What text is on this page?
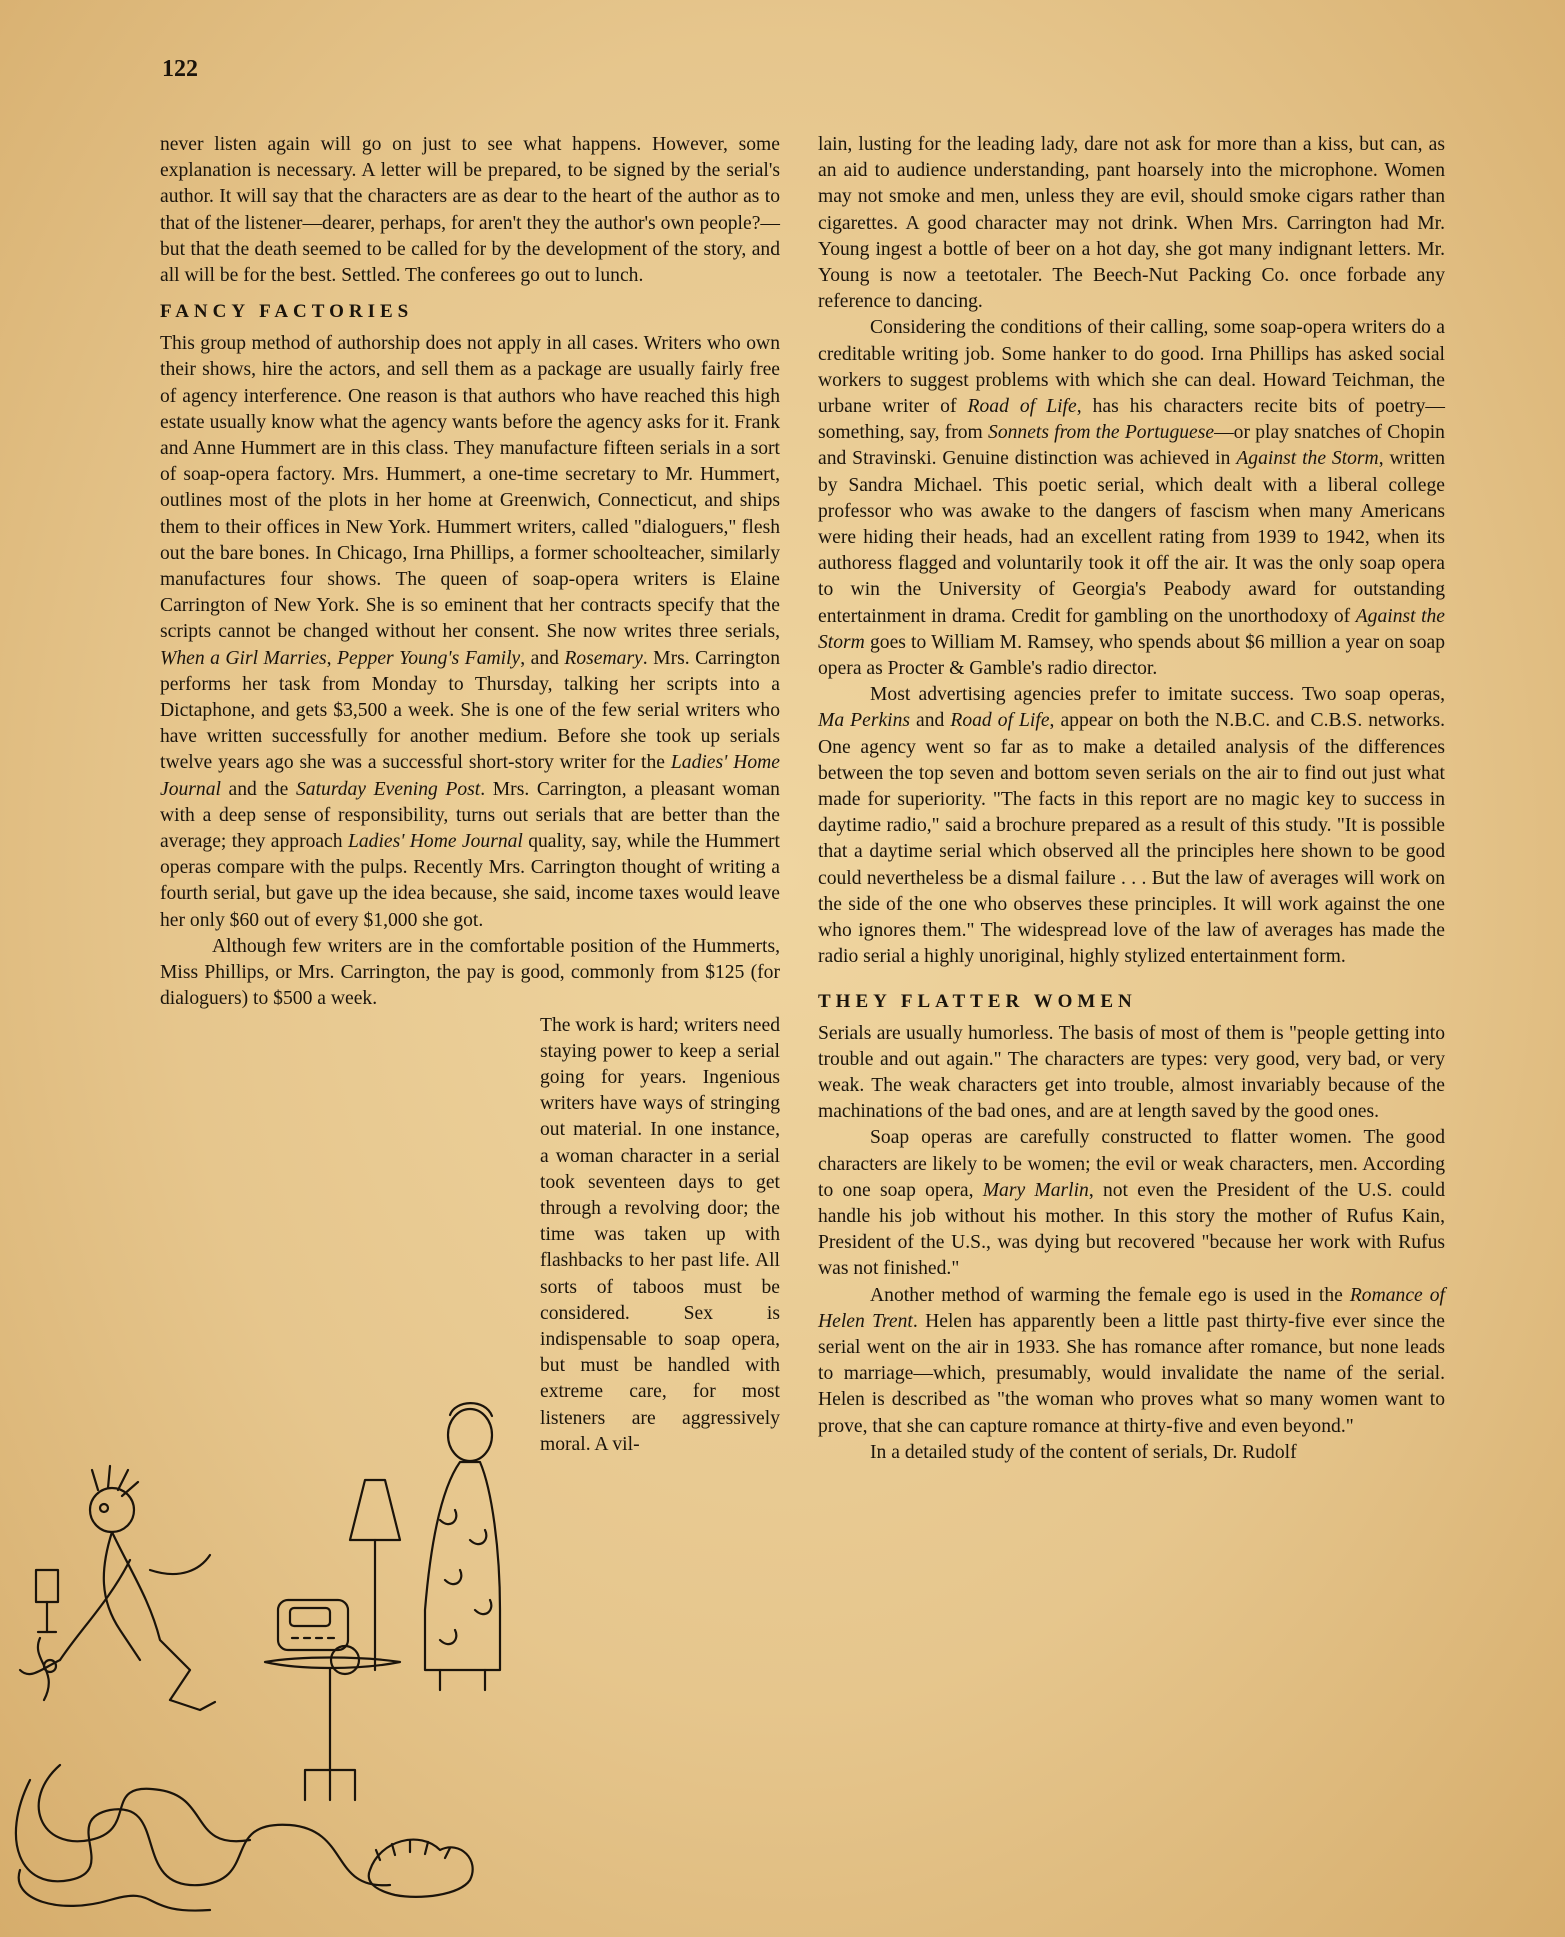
122

never listen again will go on just to see what happens. However, some explanation is necessary. A letter will be prepared, to be signed by the serial's author. It will say that the characters are as dear to the heart of the author as to that of the listener—dearer, perhaps, for aren't they the author's own people?—but that the death seemed to be called for by the development of the story, and all will be for the best. Settled. The conferees go out to lunch.

FANCY FACTORIES

This group method of authorship does not apply in all cases. Writers who own their shows, hire the actors, and sell them as a package are usually fairly free of agency interference. One reason is that authors who have reached this high estate usually know what the agency wants before the agency asks for it. Frank and Anne Hummert are in this class. They manufacture fifteen serials in a sort of soap-opera factory. Mrs. Hummert, a one-time secretary to Mr. Hummert, outlines most of the plots in her home at Greenwich, Connecticut, and ships them to their offices in New York. Hummert writers, called "dialoguers," flesh out the bare bones. In Chicago, Irna Phillips, a former schoolteacher, similarly manufactures four shows. The queen of soap-opera writers is Elaine Carrington of New York. She is so eminent that her contracts specify that the scripts cannot be changed without her consent. She now writes three serials, When a Girl Marries, Pepper Young's Family, and Rosemary. Mrs. Carrington performs her task from Monday to Thursday, talking her scripts into a Dictaphone, and gets $3,500 a week. She is one of the few serial writers who have written successfully for another medium. Before she took up serials twelve years ago she was a successful short-story writer for the Ladies' Home Journal and the Saturday Evening Post. Mrs. Carrington, a pleasant woman with a deep sense of responsibility, turns out serials that are better than the average; they approach Ladies' Home Journal quality, say, while the Hummert operas compare with the pulps. Recently Mrs. Carrington thought of writing a fourth serial, but gave up the idea because, she said, income taxes would leave her only $60 out of every $1,000 she got.

Although few writers are in the comfortable position of the Hummerts, Miss Phillips, or Mrs. Carrington, the pay is good, commonly from $125 (for dialoguers) to $500 a week.

The work is hard; writers need staying power to keep a serial going for years. Ingenious writers have ways of stringing out material. In one instance, a woman character in a serial took seventeen days to get through a revolving door; the time was taken up with flashbacks to her past life. All sorts of taboos must be considered. Sex is indispensable to soap opera, but must be handled with extreme care, for most listeners are aggressively moral. A vil-

lain, lusting for the leading lady, dare not ask for more than a kiss, but can, as an aid to audience understanding, pant hoarsely into the microphone. Women may not smoke and men, unless they are evil, should smoke cigars rather than cigarettes. A good character may not drink. When Mrs. Carrington had Mr. Young ingest a bottle of beer on a hot day, she got many indignant letters. Mr. Young is now a teetotaler. The Beech-Nut Packing Co. once forbade any reference to dancing.

Considering the conditions of their calling, some soap-opera writers do a creditable writing job. Some hanker to do good. Irna Phillips has asked social workers to suggest problems with which she can deal. Howard Teichman, the urbane writer of Road of Life, has his characters recite bits of poetry—something, say, from Sonnets from the Portuguese—or play snatches of Chopin and Stravinski. Genuine distinction was achieved in Against the Storm, written by Sandra Michael. This poetic serial, which dealt with a liberal college professor who was awake to the dangers of fascism when many Americans were hiding their heads, had an excellent rating from 1939 to 1942, when its authoress flagged and voluntarily took it off the air. It was the only soap opera to win the University of Georgia's Peabody award for outstanding entertainment in drama. Credit for gambling on the unorthodoxy of Against the Storm goes to William M. Ramsey, who spends about $6 million a year on soap opera as Procter & Gamble's radio director.

Most advertising agencies prefer to imitate success. Two soap operas, Ma Perkins and Road of Life, appear on both the N.B.C. and C.B.S. networks. One agency went so far as to make a detailed analysis of the differences between the top seven and bottom seven serials on the air to find out just what made for superiority. "The facts in this report are no magic key to success in daytime radio," said a brochure prepared as a result of this study. "It is possible that a daytime serial which observed all the principles here shown to be good could nevertheless be a dismal failure . . . But the law of averages will work on the side of the one who observes these principles. It will work against the one who ignores them." The widespread love of the law of averages has made the radio serial a highly unoriginal, highly stylized entertainment form.

THEY FLATTER WOMEN

Serials are usually humorless. The basis of most of them is "people getting into trouble and out again." The characters are types: very good, very bad, or very weak. The weak characters get into trouble, almost invariably because of the machinations of the bad ones, and are at length saved by the good ones.

Soap operas are carefully constructed to flatter women. The good characters are likely to be women; the evil or weak characters, men. According to one soap opera, Mary Marlin, not even the President of the U.S. could handle his job without his mother. In this story the mother of Rufus Kain, President of the U.S., was dying but recovered "because her work with Rufus was not finished."

Another method of warming the female ego is used in the Romance of Helen Trent. Helen has apparently been a little past thirty-five ever since the serial went on the air in 1933. She has romance after romance, but none leads to marriage—which, presumably, would invalidate the name of the serial. Helen is described as "the woman who proves what so many women want to prove, that she can capture romance at thirty-five and even beyond."

In a detailed study of the content of serials, Dr. Rudolf
